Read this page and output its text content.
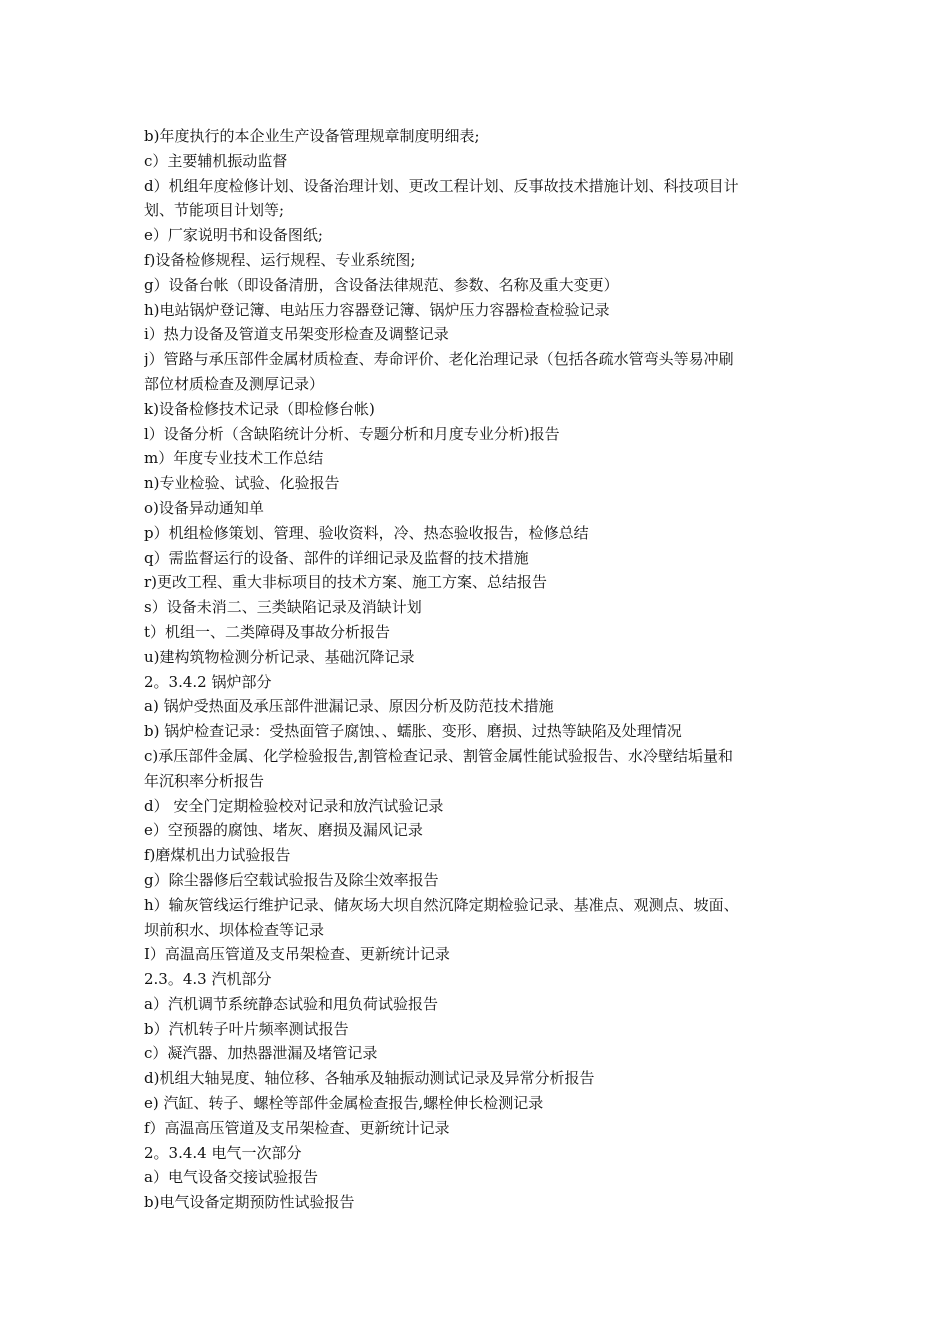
b)年度执行的本企业生产设备管理规章制度明细表;
c）主要辅机振动监督
d）机组年度检修计划、设备治理计划、更改工程计划、反事故技术措施计划、科技项目计
划、节能项目计划等;
e）厂家说明书和设备图纸;
f)设备检修规程、运行规程、专业系统图;
g）设备台帐（即设备清册，含设备法律规范、参数、名称及重大变更）
h)电站锅炉登记簿、电站压力容器登记簿、锅炉压力容器检查检验记录
i）热力设备及管道支吊架变形检查及调整记录
j）管路与承压部件金属材质检查、寿命评价、老化治理记录（包括各疏水管弯头等易冲刷
部位材质检查及测厚记录）
k)设备检修技术记录（即检修台帐)
l）设备分析（含缺陷统计分析、专题分析和月度专业分析)报告
m）年度专业技术工作总结
n)专业检验、试验、化验报告
o)设备异动通知单
p）机组检修策划、管理、验收资料，冷、热态验收报告，检修总结
q）需监督运行的设备、部件的详细记录及监督的技术措施
r)更改工程、重大非标项目的技术方案、施工方案、总结报告
s）设备未消二、三类缺陷记录及消缺计划
t）机组一、二类障碍及事故分析报告
u)建构筑物检测分析记录、基础沉降记录
2。3.4.2 锅炉部分
a) 锅炉受热面及承压部件泄漏记录、原因分析及防范技术措施
b) 锅炉检查记录：受热面管子腐蚀、、蠕胀、变形、磨损、过热等缺陷及处理情况
c)承压部件金属、化学检验报告,割管检查记录、割管金属性能试验报告、水冷壁结垢量和
年沉积率分析报告
d） 安全门定期检验校对记录和放汽试验记录
e）空预器的腐蚀、堵灰、磨损及漏风记录
f)磨煤机出力试验报告
g）除尘器修后空载试验报告及除尘效率报告
h）输灰管线运行维护记录、储灰场大坝自然沉降定期检验记录、基准点、观测点、坡面、
坝前积水、坝体检查等记录
I）高温高压管道及支吊架检查、更新统计记录
2.3。4.3 汽机部分
a）汽机调节系统静态试验和甩负荷试验报告
b）汽机转子叶片频率测试报告
c）凝汽器、加热器泄漏及堵管记录
d)机组大轴晃度、轴位移、各轴承及轴振动测试记录及异常分析报告
e) 汽缸、转子、螺栓等部件金属检查报告,螺栓伸长检测记录
f）高温高压管道及支吊架检查、更新统计记录
2。3.4.4 电气一次部分
a）电气设备交接试验报告
b)电气设备定期预防性试验报告
